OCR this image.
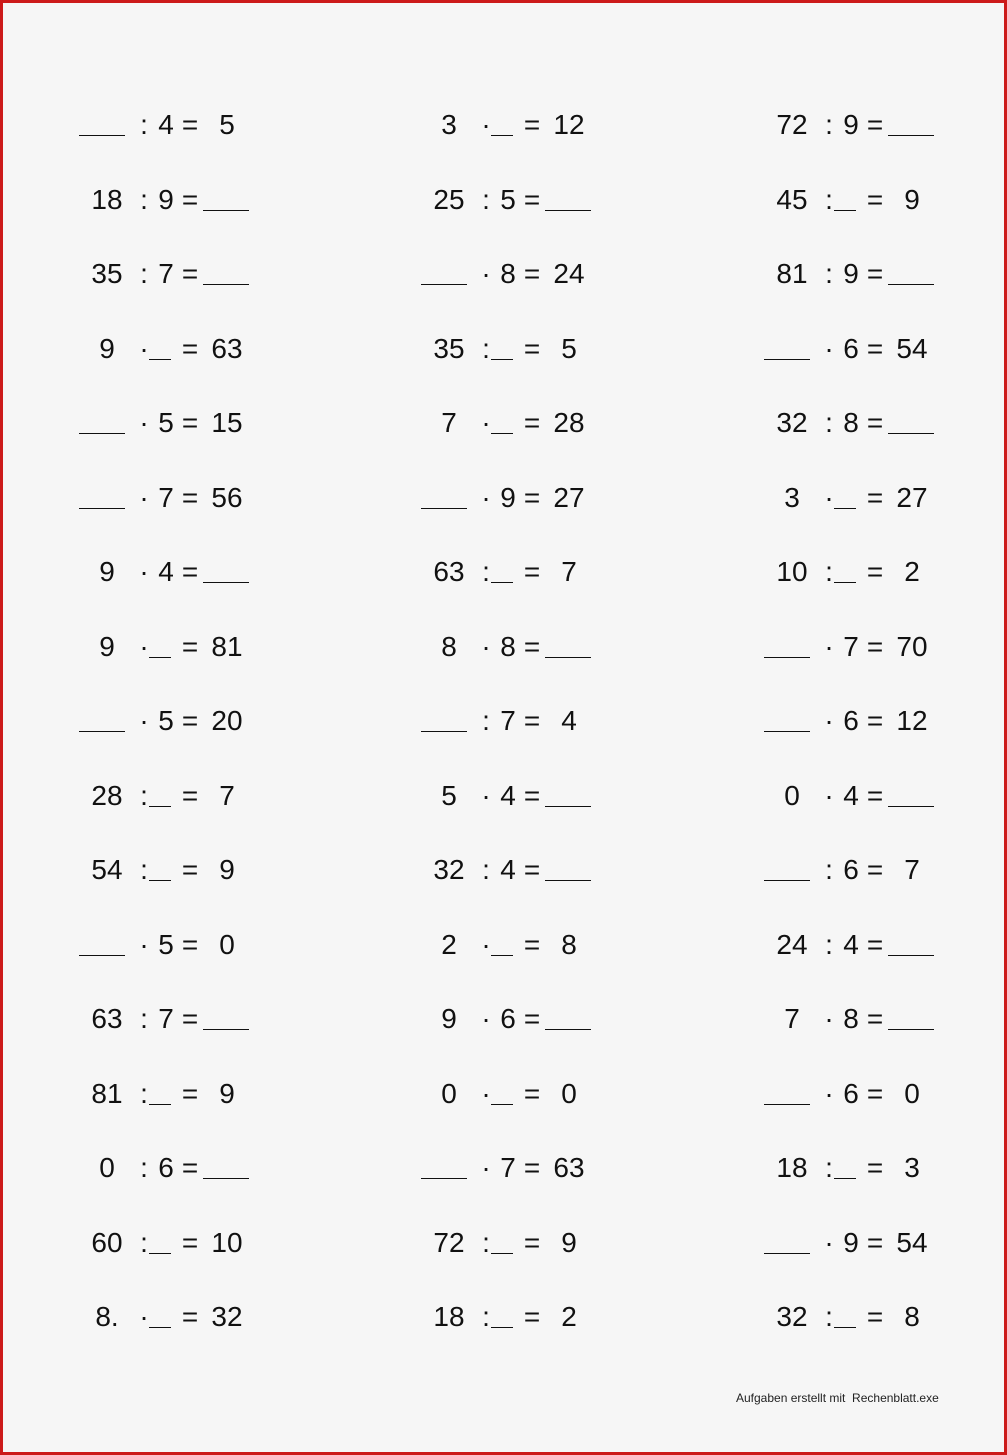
: 4 = 5	3 · = 12	72 : 9 =
18 : 9 =	25 : 5 =	45 : = 9
35 : 7 =	· 8 = 24	81 : 9 =
9 · = 63	35 : = 5	· 6 = 54
· 5 = 15	7 · = 28	32 : 8 =
· 7 = 56	· 9 = 27	3 · = 27
9 · 4 =	63 : = 7	10 : = 2
9 · = 81	8 · 8 =	· 7 = 70
· 5 = 20	: 7 = 4	· 6 = 12
28 : = 7	5 · 4 =	0 · 4 =
54 : = 9	32 : 4 =	: 6 = 7
· 5 = 0	2 · = 8	24 : 4 =
63 : 7 =	9 · 6 =	7 · 8 =
81 : = 9	0 · = 0	· 6 = 0
0 : 6 =	· 7 = 63	18 : = 3
60 : = 10	72 : = 9	· 9 = 54
8. · = 32	18 : = 2	32 : = 8
Aufgaben erstellt mit  Rechenblatt.exe
